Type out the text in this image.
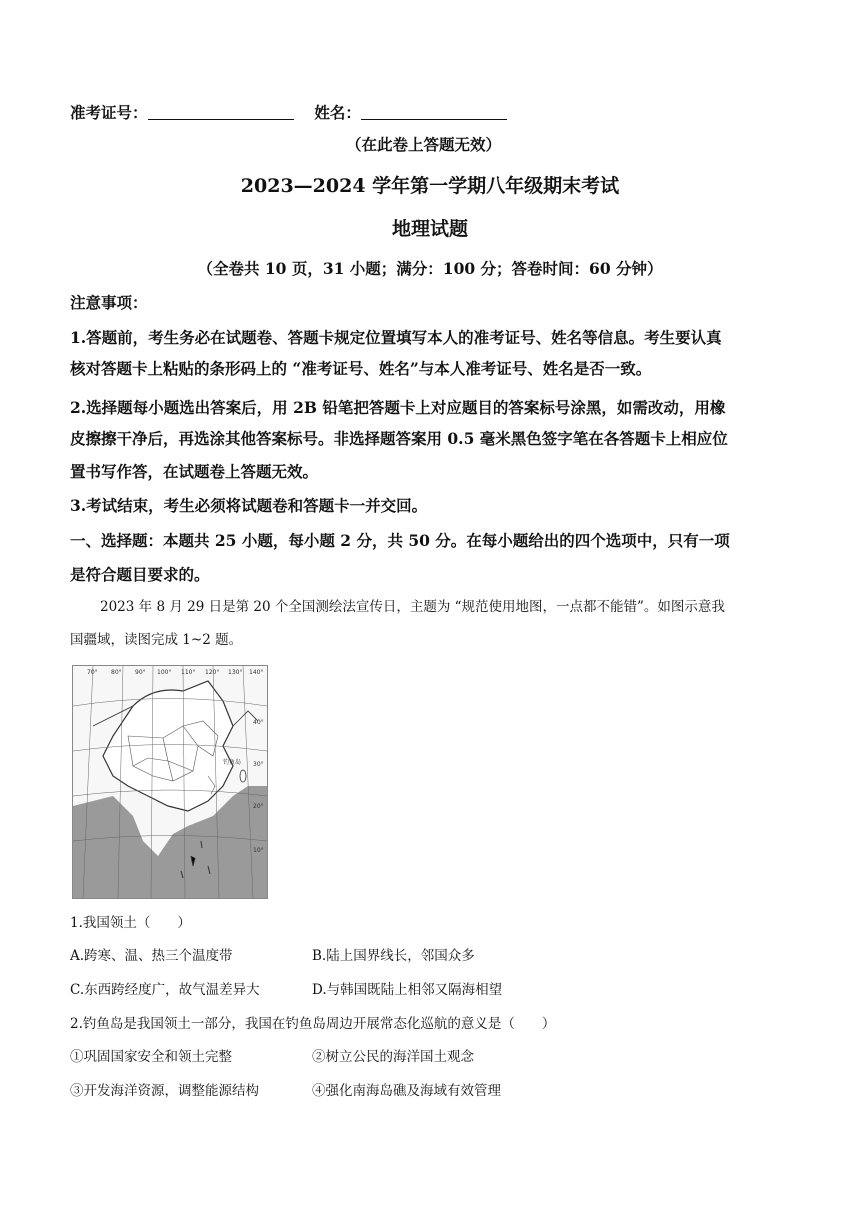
准考证号：	姓名：
（在此卷上答题无效）
2023—2024 学年第一学期八年级期末考试
地理试题
（全卷共 10 页，31 小题；满分：100 分；答卷时间：60 分钟）
注意事项：
1.答题前，考生务必在试题卷、答题卡规定位置填写本人的准考证号、姓名等信息。考生要认真
核对答题卡上粘贴的条形码上的 “准考证号、姓名”与本人准考证号、姓名是否一致。
2.选择题每小题选出答案后，用 2B 铅笔把答题卡上对应题目的答案标号涂黑，如需改动，用橡
皮擦擦干净后，再选涂其他答案标号。非选择题答案用 0.5 毫米黑色签字笔在各答题卡上相应位
置书写作答，在试题卷上答题无效。
3.考试结束，考生必须将试题卷和答题卡一并交回。
一、选择题：本题共 25 小题，每小题 2 分，共 50 分。在每小题给出的四个选项中，只有一项
是符合题目要求的。
2023 年 8 月 29 日是第 20 个全国测绘法宣传日，主题为 “规范使用地图，一点都不能错”。如图示意我
国疆域，读图完成 1~2 题。
70° 80° 90° 100° 110° 120° 130° 140°
40°
30°
20°
10°
钓鱼岛
1.我国领土（　　）
A.跨寒、温、热三个温度带	B.陆上国界线长，邻国众多
C.东西跨经度广，故气温差异大	D.与韩国既陆上相邻又隔海相望
2.钓鱼岛是我国领土一部分，我国在钓鱼岛周边开展常态化巡航的意义是（　　）
①巩固国家安全和领土完整	②树立公民的海洋国土观念
③开发海洋资源，调整能源结构	④强化南海岛礁及海域有效管理
